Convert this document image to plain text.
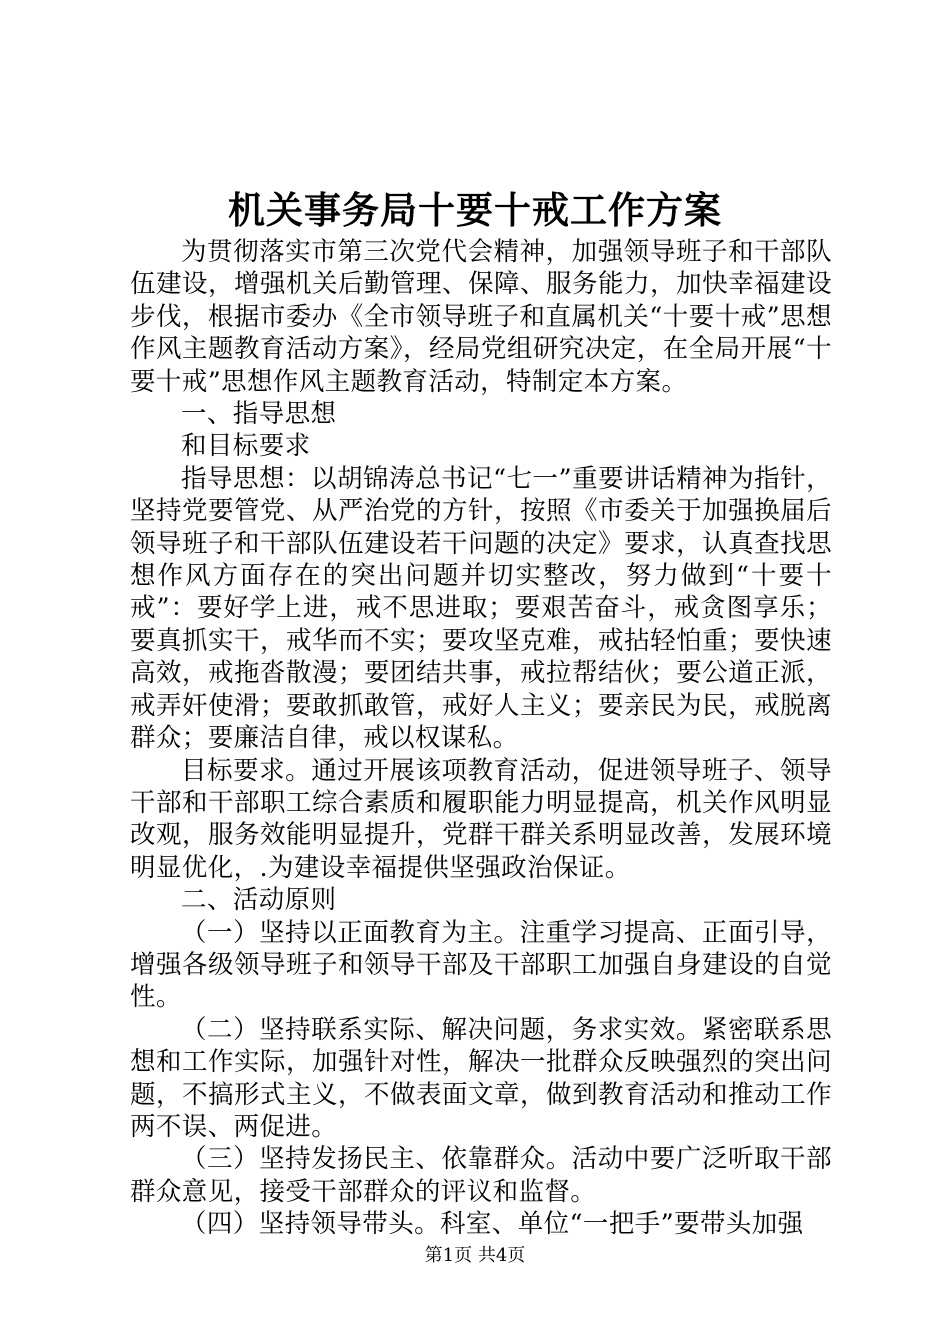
机关事务局十要十戒工作方案

为贯彻落实市第三次党代会精神，加强领导班子和干部队伍建设，增强机关后勤管理、保障、服务能力，加快幸福建设步伐，根据市委办《全市领导班子和直属机关“十要十戒”思想作风主题教育活动方案》，经局党组研究决定，在全局开展“十要十戒”思想作风主题教育活动，特制定本方案。

一、指导思想

和目标要求

指导思想：以胡锦涛总书记“七一”重要讲话精神为指针，坚持党要管党、从严治党的方针，按照《市委关于加强换届后领导班子和干部队伍建设若干问题的决定》要求，认真查找思想作风方面存在的突出问题并切实整改，努力做到“十要十戒”：要好学上进，戒不思进取；要艰苦奋斗，戒贪图享乐；要真抓实干，戒华而不实；要攻坚克难，戒拈轻怕重；要快速高效，戒拖沓散漫；要团结共事，戒拉帮结伙；要公道正派，戒弄奸使滑；要敢抓敢管，戒好人主义；要亲民为民，戒脱离群众；要廉洁自律，戒以权谋私。

目标要求。通过开展该项教育活动，促进领导班子、领导干部和干部职工综合素质和履职能力明显提高，机关作风明显改观，服务效能明显提升，党群干群关系明显改善，发展环境明显优化，.为建设幸福提供坚强政治保证。

二、活动原则

（一）坚持以正面教育为主。注重学习提高、正面引导，增强各级领导班子和领导干部及干部职工加强自身建设的自觉性。

（二）坚持联系实际、解决问题，务求实效。紧密联系思想和工作实际，加强针对性，解决一批群众反映强烈的突出问题，不搞形式主义，不做表面文章，做到教育活动和推动工作两不误、两促进。

（三）坚持发扬民主、依靠群众。活动中要广泛听取干部群众意见，接受干部群众的评议和监督。

（四）坚持领导带头。科室、单位“一把手”要带头加强

第1页 共4页
